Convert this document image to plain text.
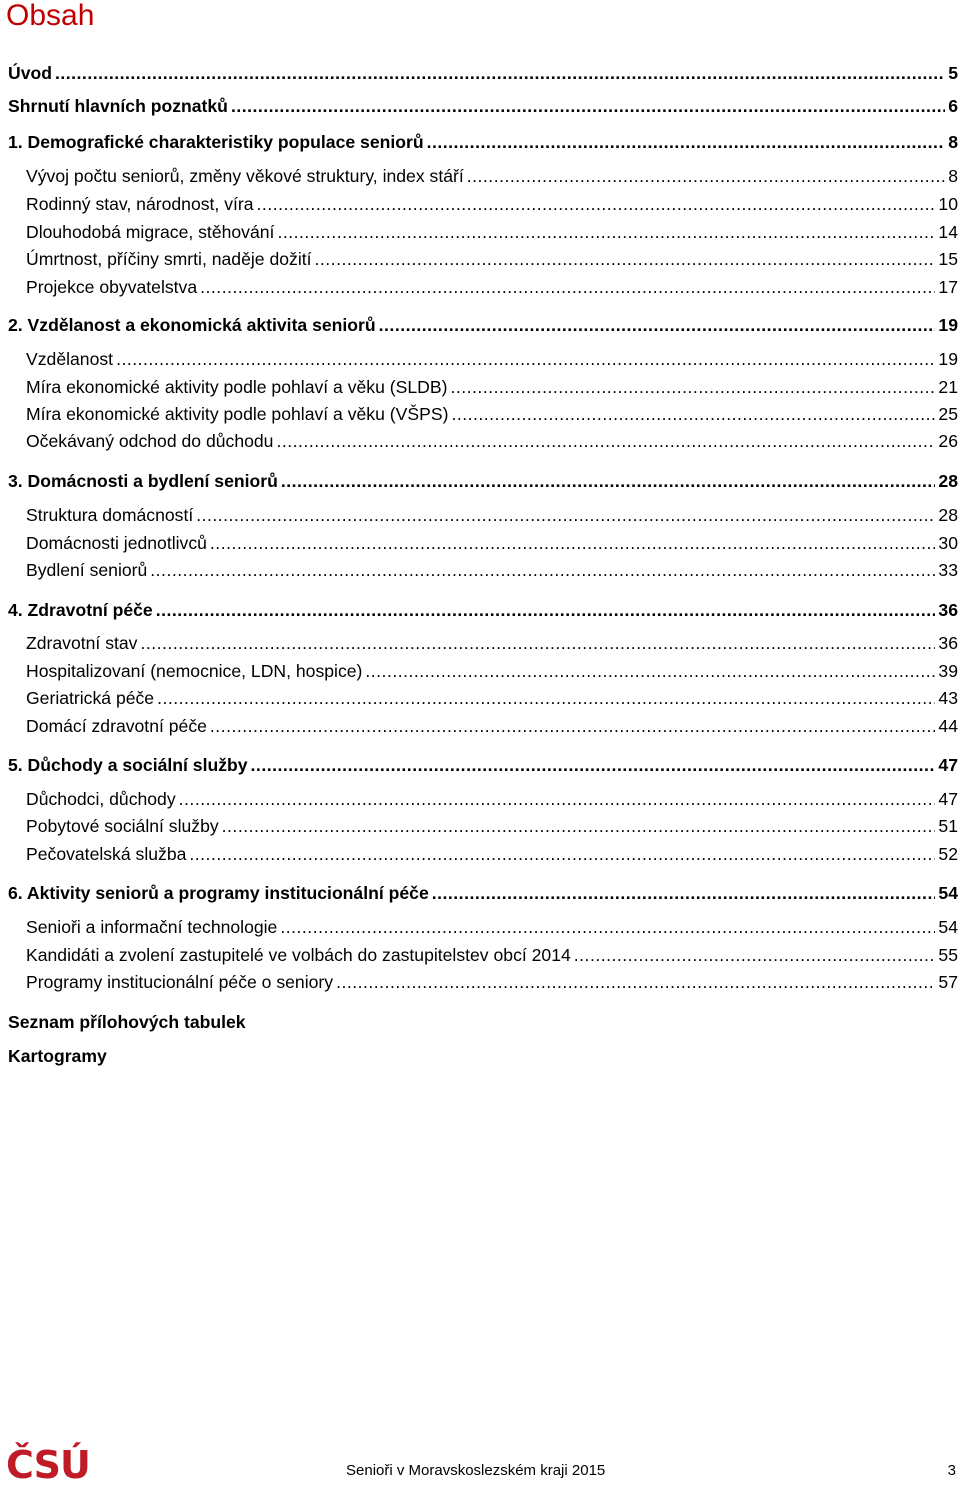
Obsah
Úvod .....	5
Shrnutí hlavních poznatků .....	6
1. Demografické charakteristiky populace seniorů .....	8
Vývoj počtu seniorů, změny věkové struktury, index stáří .....	8
Rodinný stav, národnost, víra .....	10
Dlouhodobá migrace, stěhování .....	14
Úmrtnost, příčiny smrti, naděje dožití .....	15
Projekce obyvatelstva .....	17
2. Vzdělanost a ekonomická aktivita seniorů .....	19
Vzdělanost .....	19
Míra ekonomické aktivity podle pohlaví a věku (SLDB) .....	21
Míra ekonomické aktivity podle pohlaví a věku (VŠPS) .....	25
Očekávaný odchod do důchodu .....	26
3. Domácnosti a bydlení seniorů .....	28
Struktura domácností .....	28
Domácnosti jednotlivců .....	30
Bydlení seniorů .....	33
4. Zdravotní péče .....	36
Zdravotní stav .....	36
Hospitalizovaní (nemocnice, LDN, hospice) .....	39
Geriatrická péče .....	43
Domácí zdravotní péče .....	44
5. Důchody a sociální služby .....	47
Důchodci, důchody .....	47
Pobytové sociální služby .....	51
Pečovatelská služba .....	52
6. Aktivity seniorů a programy institucionální péče .....	54
Senioři a informační technologie .....	54
Kandidáti a zvolení zastupitelé ve volbách do zastupitelstev obcí 2014 .....	55
Programy institucionální péče o seniory .....	57
Seznam přílohových tabulek
Kartogramy
ČSÚ	Senioři v Moravskoslezském kraji 2015	3
